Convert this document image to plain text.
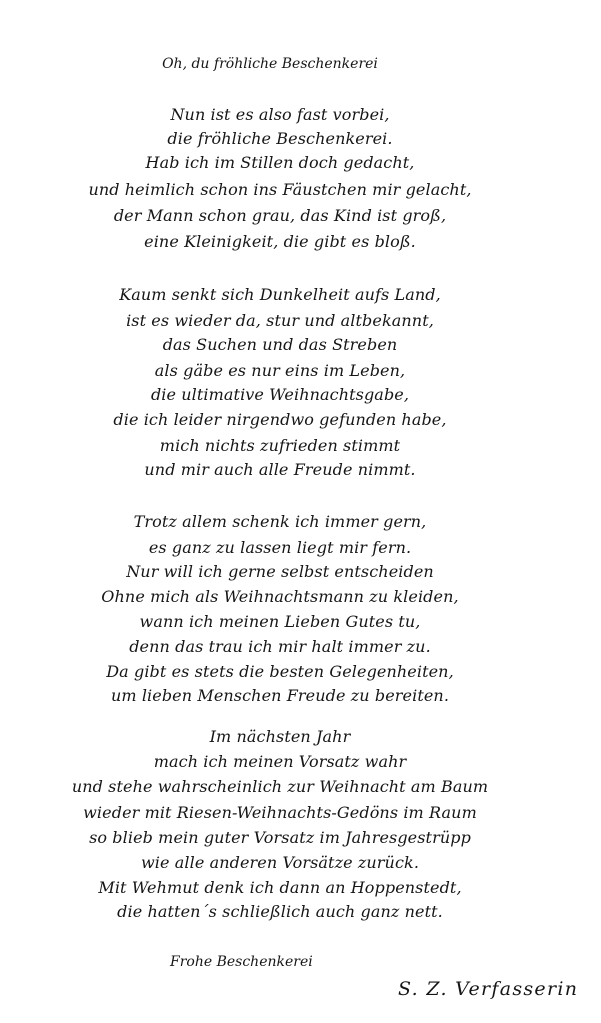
Oh, du fröhliche Beschenkerei
Nun ist es also fast vorbei,
die fröhliche Beschenkerei.
Hab ich im Stillen doch gedacht,
und heimlich schon ins Fäustchen mir gelacht,
der Mann schon grau, das Kind ist groß,
eine Kleinigkeit, die gibt es bloß.
Kaum senkt sich Dunkelheit aufs Land,
ist es wieder da, stur und altbekannt,
das Suchen und das Streben
als gäbe es nur eins im Leben,
die ultimative Weihnachtsgabe,
die ich leider nirgendwo gefunden habe,
mich nichts zufrieden stimmt
und mir auch alle Freude nimmt.
Trotz allem schenk ich immer gern,
es ganz zu lassen liegt mir fern.
Nur will ich gerne selbst entscheiden
Ohne mich als Weihnachtsmann zu kleiden,
wann ich meinen Lieben Gutes tu,
denn das trau ich mir halt immer zu.
Da gibt es stets die besten Gelegenheiten,
um lieben Menschen Freude zu bereiten.
Im nächsten Jahr
mach ich meinen Vorsatz wahr
und stehe wahrscheinlich zur Weihnacht am Baum
wieder mit Riesen-Weihnachts-Gedöns im Raum
so blieb mein guter Vorsatz im Jahresgestrüpp
wie alle anderen Vorsätze zurück.
Mit Wehmut denk ich dann an Hoppenstedt,
die hatten´s schließlich auch ganz nett.
Frohe Beschenkerei
S. Z. Verfasserin
